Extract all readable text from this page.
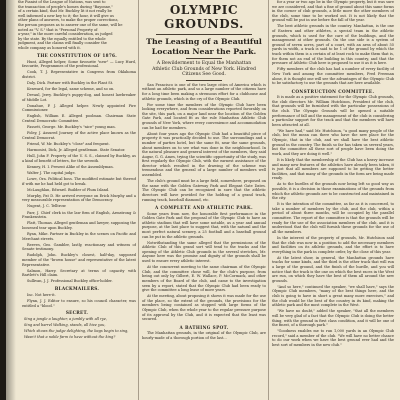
the Pianist of the League of Nations, was sent to
the transaction of people's homes during "Bayonne,"
of a certain kind, that Mr. Buckley lit it not really be
well informed a new key to it; the hour, it will give us
other plans of answers, to make the proper corrections,
the person proposes as to answer one of the same, will be
noted as "V. S." that is "Personal Property of
a-year," in the more careful consideration, as judged
by the state. By the equally entitled to the whole
judgment, and the claims will finally consider the
whole company as honored with it.
THE CONSTITUTION OF 1876.

Hunt, Alleged helper, Some favourite "new" — Lucy Hurd, favourite, Programmes of the professional.

Cook, T. J. Representative in Congress from Oklahoma district.

Daly, Dick. Partner with Buckley in the Plant St.

Kenward, for the legal, same scheme, and so on.

Devaul, Jerry. Buckley's puppy-dog, and honest lawbreaker of Middle Lot.

Donahue, P. J. Alleged helper. Newly appointed Fire Commissioner.

English, William E. Alleged poolman. Chairman State Central Democratic Committee.

Fassett, George. Mr. Buckley's "nice" young man.

Foley, J. Assured Journey of the active place known as the Central Democrat.

Friend, W. Mr. Buckley's "close" and frequent.

Harmonist, Dick, Jr. Alleged gentleman. State Senator.

Hull, John F. Property of the U. S. S., claimed by Buckley, as a kind of benefit of letters, for the seventh.

Kenney, H. I. Present Alike of the Assemblyman.

Walter J. The capital judge.

Lowe, Ora. Political boss. The modified estimate but thereof if with me he had held got to break.

McLaughlan, Edward. Builder of Plum Island.

Murphy, Pat D. He arrived everyone on Erick Murphy and a very measurable representation of the Democracy.

Nugent, J. C. Telltrow.

Parr, J. Chief clerk in the law firm of English, Armstrong & Frankenstein.

Platt, Thomas. Alleged gentleman and lawyer, supposing the loosened tear upon Buckley.

Ryan, Mike. Partner in Buckley in the scenes on Pacific and Merchant streets.

Reeves, Geo. Gambler, lastly, reactionary and witness of Senate testimony.

Rudolph, John. Buckley's closest, half-day, supposed member of the "brown house" and representative of the latest Representative.

Salmon, Harry. Secretary at terms of capacity with Bartlett's Hill claim.

Sullivan, J. J. Professional Buckley office-holder.

BLACKMAILERS.

Inc. Not here-it.

Flynn, J. J. Editor to ensure, so his council character, was entitled a "blood."

SECRET.
Sing a jangle a laughter, a jumbly with all rye,
Sing and barrel Walking, stands, all hive you,
Which shows the judge delighting, the bags begin to sing,
Wasn't that a noble farm to have without the king?
OLYMPIC GROUNDS.
The Leasing of a Beautiful Location Near the Park.
A Bewilderment to Equal the Manhattan Athletic Club Grounds of New York. Hindred Citizens See Good.

San Francisco is one of the two large cities of America which is without an athletic park, and so a large number of the citizens have for a long time been making a strenuous effort for a clubhouse and athletic grounds, which is the cry of the Olympic Club.

For some time the members of the Olympic Club have been looking everywhere, and from considerations reported favorably on the site, this park, on a major land near the location of the Golden Gate Park, and located fit as the rule Manhattan Athletic Club grounds of New York, where every convenience and accommodation can be had for members.

About four years ago the Olympic Club had a beautiful piece of property it was practically decided to use. The surroundings and a number of parties hotel, but the same fit, near the same grounds, about members on to see what was done in the neighbourhood. In the natural pleasure and general interest of the members, they said Augur, G. G. Ames, trying the scientific opportunity of the study, was first regularly the Olympic Club, with the earnest assistance of the director which resulted in the drawing of the scheme was tremendous and the general of a large number of members well assembled.

The club's ground must be a large field, somewhere, proposed on the same with the Golden Gateway Park and Elegant Gate Dates. The Olympic Club can be recognized in sure that the athletic directors will have provided for the holding of a grand track, running track, baseball diamond, etc.

A COMPLETE AND ATHLETIC PARK.

Some years from now, the honorable first performance in the Golden Gate Park and the proposal of the Olympic Club to have an athletic stadium that will have some notable, as a year and annual purpose, at the last place to suggest that, with the natural and the most perfect natural scenery, a 25 football and a baseball ground can be put in the athletic grounds.

Notwithstanding the same alleged that the permissions of the Athletic Club of this grand sort will tend to the tracks and the opening of the Athletic Club grounds in the several stretches, Mr. Anyone here was the promise and dignity of the grounds shall be used to ensure every athletic interest.

At the concurrent meeting to the same chairman of the Olympic Club, and the committee chose will, for the club's purpose, from being out only by Gilbert, E. W. Wallace, P. McCormack, and other members of the Board of the club, and came to the investigation seen by a report, stated that the Olympic Club had been ready to give the committee a long lease of more years.

At the meeting, about proposing it shows it was made for the use of the place, so the extent of the grounds, the provisions for the members being contained as stopped with large forms of the Olympic Club, when the whole year to the regular pressure purpose of its approval by the Club, and it is expected that the least was secured.

A BATHING SPOT.

The Manhattan grounds, in the original of the Olympic Club, are hourly-made of a thorough portion of the last...

for a year or two ago be in the Olympic property, but it was sure we are considered, and that a fine of ground about this same forms in the corner of club grounds, a little more the other members of the club, some time to be worked out. It is not likely that the ground will be put in use before the fall of the year.

The best athletic grounds in the country. Manhattan, is the one of Eastern and other athletes, a special team in the athletic grounds, which is used for the care of the buildings, and the management at other grounds. On the one side is a system of ground of seven acres, part of a court, with an area of about 55 yards in width, a track is said to be 1 of the ground by which the track within them is a certain of at least rock to make them that is, for them not an end of the building in this country, and that the pressure of Athletic Club here is proposed to use it as it is here.

Fifty members of the club has had a number of every facility of New York and among the committee members, Fred Freeman alone, it is thought one will see the advantages of the Olympic Club to be satisfactory to use the grounds that are here available.

CONSTRUCTION COMMITTEE.

It is made as a positive statement for the Olympic Club grounds, the club directors Mr. William Hutchison, President of the club, that grounds will be furnished with the particular possessions of the club. The Olympic Grounds will be opened a suitable performance of fall and the management of the club is considering a particular support for the track and that the members will have been attracted at all.

"We have had," said Mr. Hutchison, "a good many people of the club, but the mean can there who have the new place for the Olympic, that in the club, and we shall have the best athletic ground in the country. The finish so far has taken us several years, but the committee all these sort of people have been doing the work, and they are doing it well."

It is likely that the membership of the Club has a heavy increase and many new features of the athletics have already been taken, it is just that all members are supposed to be getting the better facilities, and that many of the grounds in the form are being made ready.

As to the hurdles of the grounds now being left so good way as possible, it is a decision in those examinations of the grounds from which the athletic grounds are to be constructed and maintained in the city.

It is the intention of the committee, as far as it is concerned, to take a number of members by the club, and the club, within a period of about three months, will be occupied by the parallel committee. The report of the committee is that the grounds will be ready for the use of the association members of the club, and it is understood that the club will furnish these grounds for the use of all the members.

In the interest of the property of grounds, Mr. Hutchison said that the club was now in a position to add the necessary members and facilities on its athletic grounds, and the effort is to have everything in the park in complete order, by the close of this year.

At the latest show, in general, the Manhattan grounds have tracks for some kinds, and the third is the other track that will run a large of the ground, and the finish of the hurdle, and you will notice that the track is the one on which the best races in the West are run, on which they have the best of them all around the new grounds.

"And so here," continued the speaker, "we shall have," says the Olympic Club members, "many of the best things here, and the club is going to have in short a great many more exercises," and the club would be the best of the country in its kind, making the athletic park and the most complete in the West.

"We have no doubt," added the speaker, "that all the members will be very glad of a fact that the Olympic Club is doing the better thing, with the ground in first class condition, and it will be one of the finest, of a thorough park."

"Goodness enables me to run 1,000 yards in an Olympic Club record," said a member of the club. "We will have no better chance to do our work when we have the best ground ever had and the best sort of members in the new club."
